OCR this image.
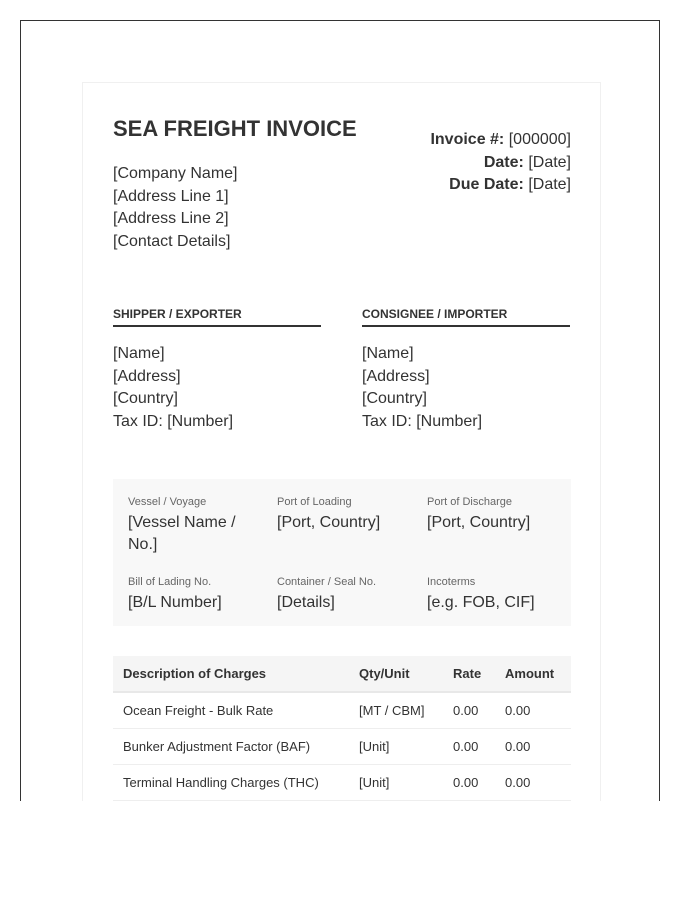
SEA FREIGHT INVOICE
[Company Name]
[Address Line 1]
[Address Line 2]
[Contact Details]
Invoice #: [000000]
Date: [Date]
Due Date: [Date]
SHIPPER / EXPORTER
[Name]
[Address]
[Country]
Tax ID: [Number]
CONSIGNEE / IMPORTER
[Name]
[Address]
[Country]
Tax ID: [Number]
Vessel / Voyage
[Vessel Name / No.]
Port of Loading
[Port, Country]
Port of Discharge
[Port, Country]
Bill of Lading No.
[B/L Number]
Container / Seal No.
[Details]
Incoterms
[e.g. FOB, CIF]
Description of Charges	Qty/Unit	Rate	Amount
Ocean Freight - Bulk Rate	[MT / CBM]	0.00	0.00
Bunker Adjustment Factor (BAF)	[Unit]	0.00	0.00
Terminal Handling Charges (THC)	[Unit]	0.00	0.00
